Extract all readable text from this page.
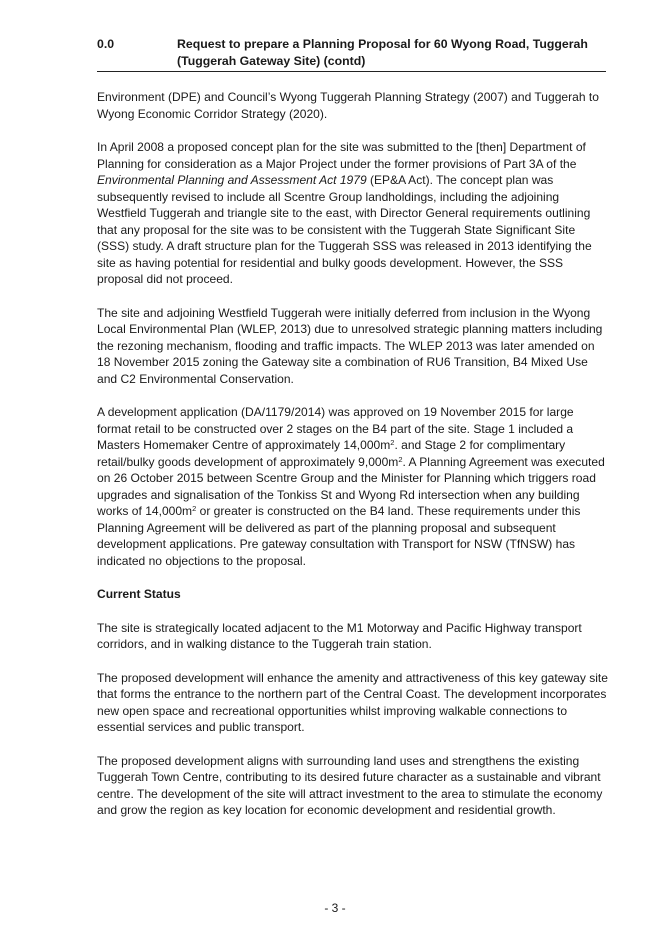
0.0	Request to prepare a Planning Proposal for 60 Wyong Road, Tuggerah (Tuggerah Gateway Site) (contd)

Environment (DPE) and Council’s Wyong Tuggerah Planning Strategy (2007) and Tuggerah to Wyong Economic Corridor Strategy (2020).

In April 2008 a proposed concept plan for the site was submitted to the [then] Department of Planning for consideration as a Major Project under the former provisions of Part 3A of the Environmental Planning and Assessment Act 1979 (EP&A Act). The concept plan was subsequently revised to include all Scentre Group landholdings, including the adjoining Westfield Tuggerah and triangle site to the east, with Director General requirements outlining that any proposal for the site was to be consistent with the Tuggerah State Significant Site (SSS) study. A draft structure plan for the Tuggerah SSS was released in 2013 identifying the site as having potential for residential and bulky goods development. However, the SSS proposal did not proceed.

The site and adjoining Westfield Tuggerah were initially deferred from inclusion in the Wyong Local Environmental Plan (WLEP, 2013) due to unresolved strategic planning matters including the rezoning mechanism, flooding and traffic impacts. The WLEP 2013 was later amended on 18 November 2015 zoning the Gateway site a combination of RU6 Transition, B4 Mixed Use and C2 Environmental Conservation.

A development application (DA/1179/2014) was approved on 19 November 2015 for large format retail to be constructed over 2 stages on the B4 part of the site. Stage 1 included a Masters Homemaker Centre of approximately $14,000m^2$. and Stage 2 for complimentary retail/bulky goods development of approximately $9,000m^2$. A Planning Agreement was executed on 26 October 2015 between Scentre Group and the Minister for Planning which triggers road upgrades and signalisation of the Tonkiss St and Wyong Rd intersection when any building works of $14,000m^2$ or greater is constructed on the B4 land. These requirements under this Planning Agreement will be delivered as part of the planning proposal and subsequent development applications. Pre gateway consultation with Transport for NSW (TfNSW) has indicated no objections to the proposal.

Current Status

The site is strategically located adjacent to the M1 Motorway and Pacific Highway transport corridors, and in walking distance to the Tuggerah train station.

The proposed development will enhance the amenity and attractiveness of this key gateway site that forms the entrance to the northern part of the Central Coast. The development incorporates new open space and recreational opportunities whilst improving walkable connections to essential services and public transport.

The proposed development aligns with surrounding land uses and strengthens the existing Tuggerah Town Centre, contributing to its desired future character as a sustainable and vibrant centre. The development of the site will attract investment to the area to stimulate the economy and grow the region as key location for economic development and residential growth.

- 3 -
